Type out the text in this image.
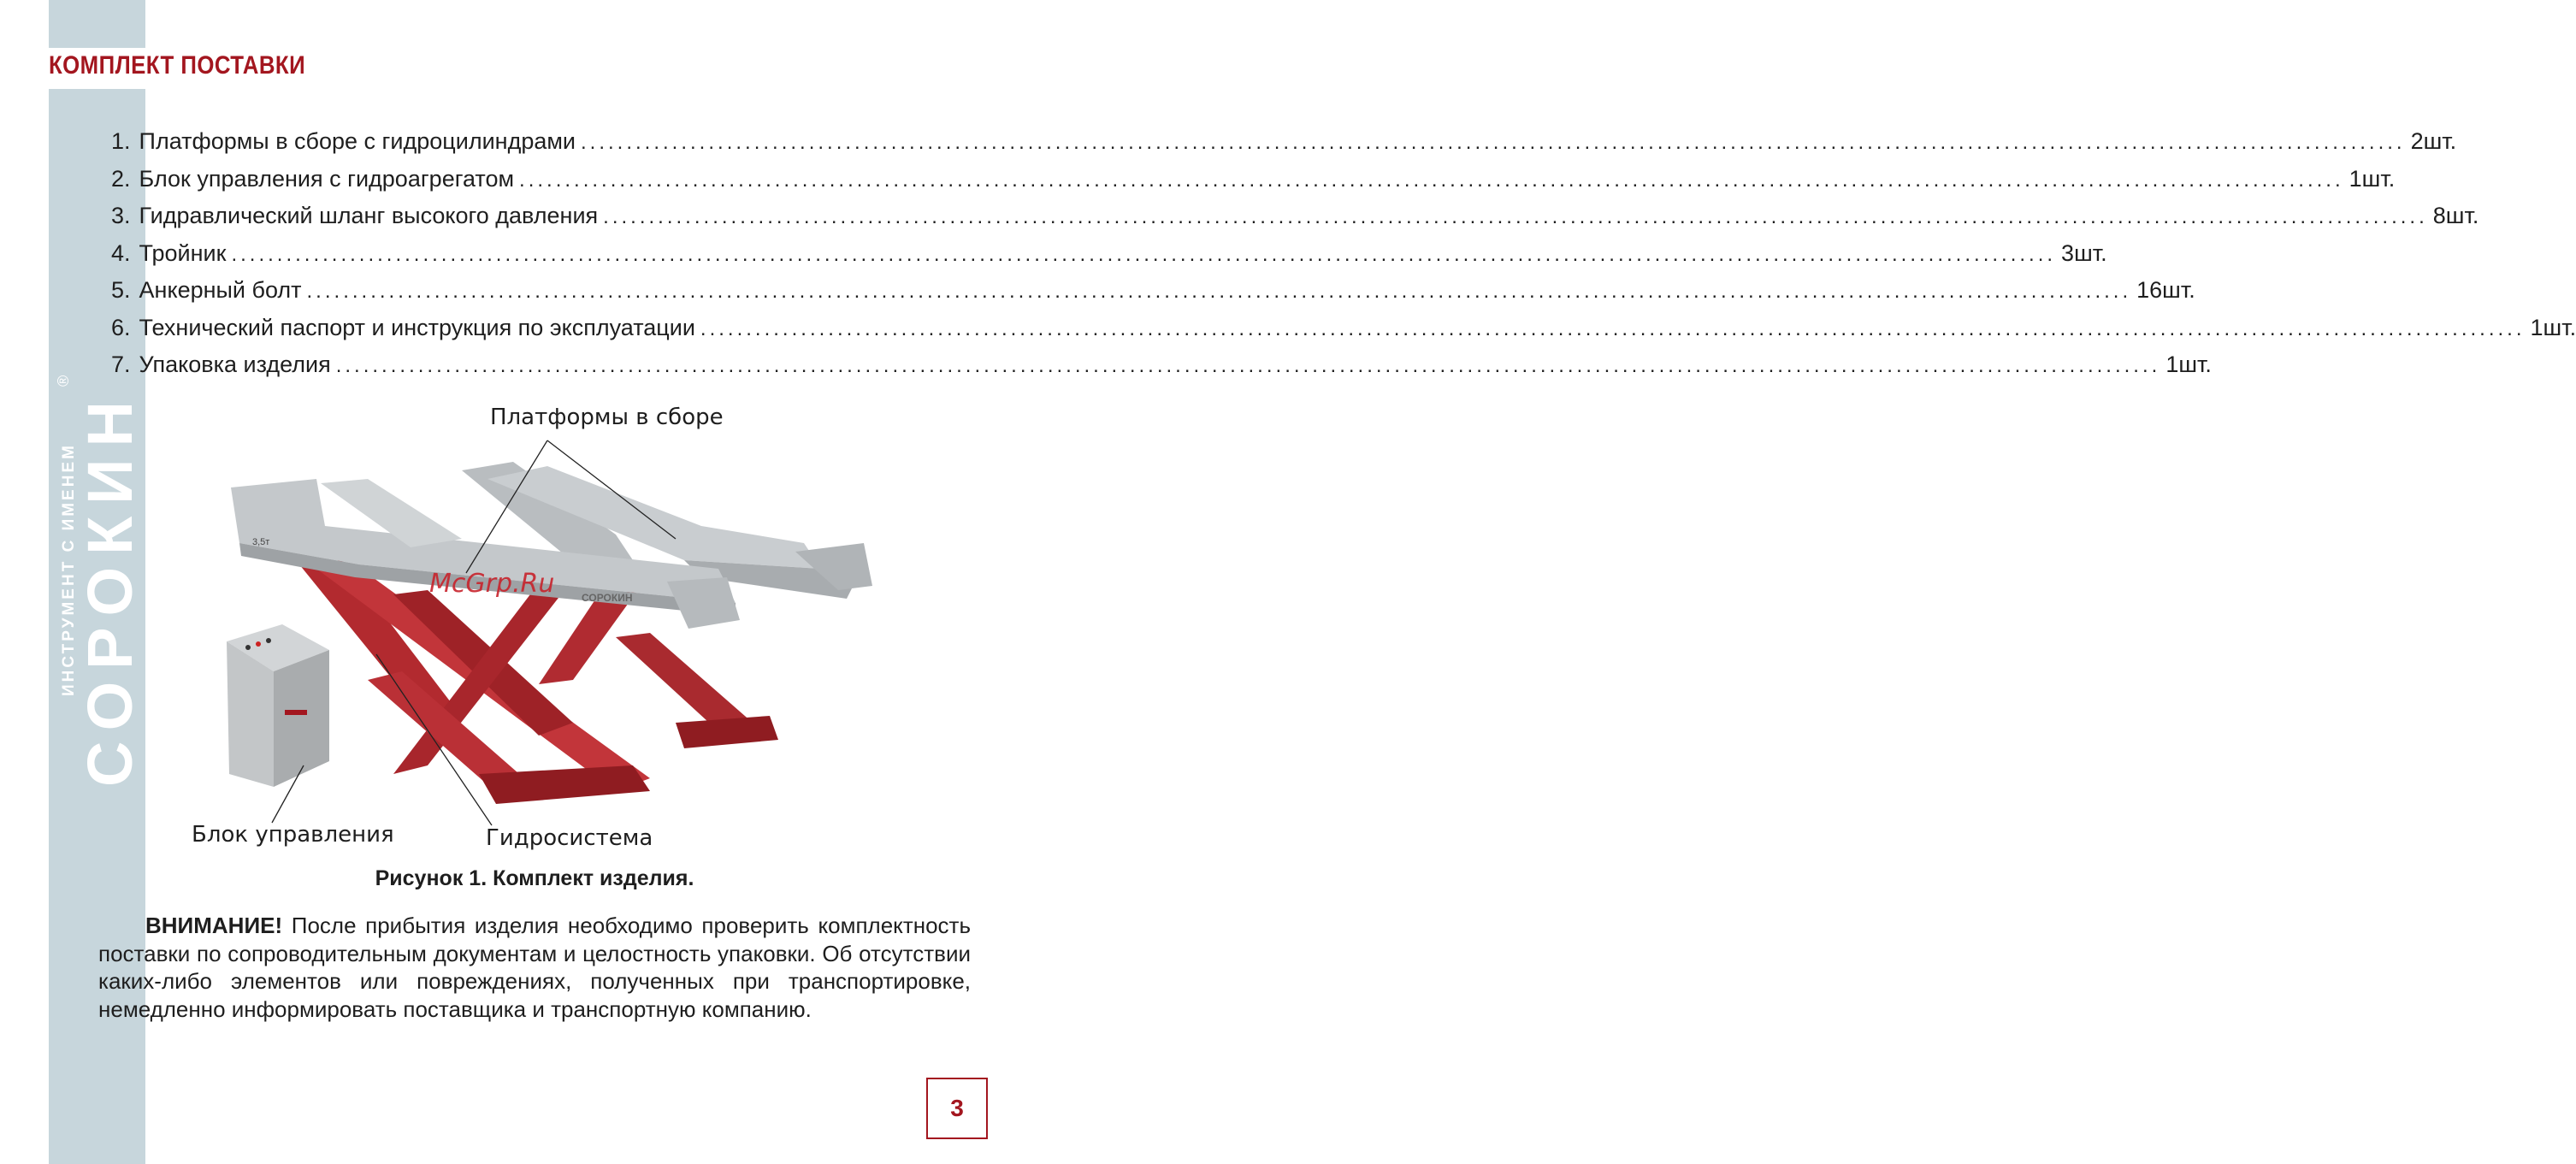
СОРОКИН
®
ИНСТРУМЕНТ С ИМЕНЕМ
КОМПЛЕКТ ПОСТАВКИ
1. Платформы в сборе с гидроцилиндрами ........................................................................................................................................................................................................ 2 шт.
2. Блок управления с гидроагрегатом ........................................................................................................................................................................................................ 1 шт.
3. Гидравлический шланг высокого давления ........................................................................................................................................................................................................ 8 шт.
4. Тройник ........................................................................................................................................................................................................ 3 шт.
5. Анкерный болт ........................................................................................................................................................................................................ 16 шт.
6. Технический паспорт и инструкция по эксплуатации ........................................................................................................................................................................................................ 1 шт.
7. Упаковка изделия ........................................................................................................................................................................................................ 1 шт.
3,5т
СОРОКИН
Платформы в сборе
Блок управления	Гидросистема
McGrp.Ru
Рисунок 1. Комплект изделия.
ВНИМАНИЕ! После прибытия изделия необходимо проверить комплектность поставки по сопроводительным документам и целостность упаковки. Об отсутствии каких-либо элементов или повреждениях, полученных при транспортировке, немедленно информировать поставщика и транспортную компанию.
3
